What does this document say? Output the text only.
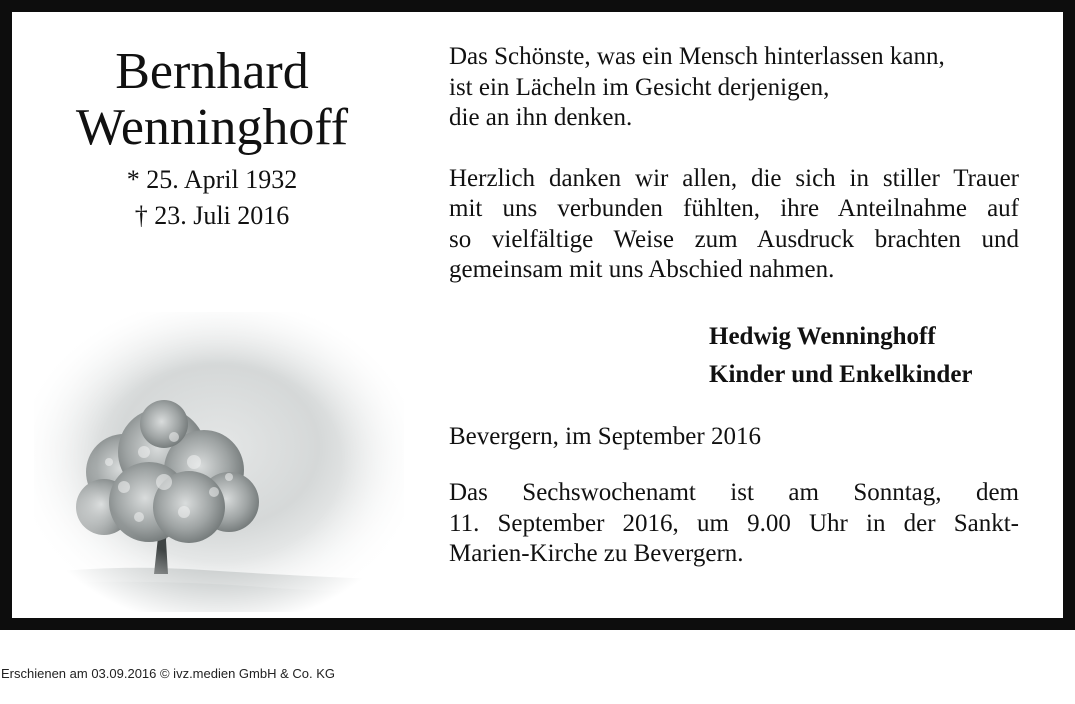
Bernhard
Wenninghoff
* 25. April 1932
† 23. Juli 2016
Das Schönste, was ein Mensch hinterlassen kann,
ist ein Lächeln im Gesicht derjenigen,
die an ihn denken.
Herzlich danken wir allen, die sich in stiller Trauer
mit uns verbunden fühlten, ihre Anteilnahme auf
so vielfältige Weise zum Ausdruck brachten und
gemeinsam mit uns Abschied nahmen.
Hedwig Wenninghoff
Kinder und Enkelkinder
Bevergern, im September 2016
Das Sechswochenamt ist am Sonntag, dem
11. September 2016, um 9.00 Uhr in der Sankt-
Marien-Kirche zu Bevergern.
Erschienen am 03.09.2016 © ivz.medien GmbH & Co. KG
